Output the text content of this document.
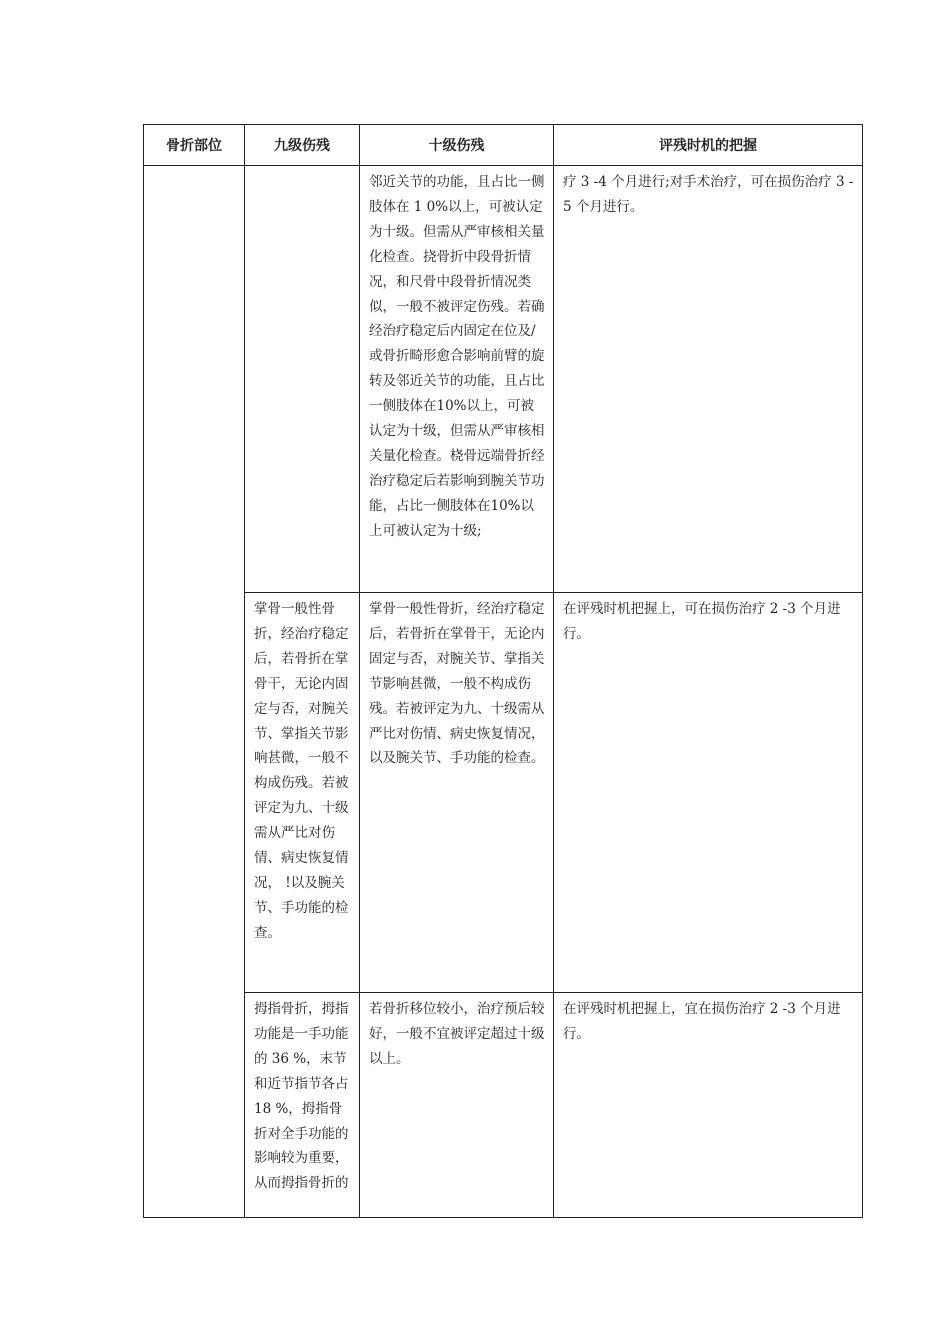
骨折部位	九级伤残	十级伤残	评残时机的把握
		邻近关节的功能，且占比一侧肢体在 1 0%以上，可被认定为十级。但需从严审核相关量化检查。挠骨折中段骨折情况，和尺骨中段骨折情况类似，一般不被评定伤残。若确经治疗稳定后内固定在位及/或骨折畸形愈合影响前臂的旋转及邻近关节的功能，且占比一侧肢体在10%以上，可被认定为十级，但需从严审核相关量化检查。桡骨远端骨折经治疗稳定后若影响到腕关节功能，占比一侧肢体在10%以上可被认定为十级;	疗 3 -4 个月进行;对手术治疗，可在损伤治疗 3 -5 个月进行。
	掌骨一般性骨折，经治疗稳定后，若骨折在掌骨干，无论内固定与否，对腕关节、掌指关节影响甚微，一般不构成伤残。若被评定为九、十级需从严比对伤情、病史恢复情况， !以及腕关节、手功能的检查。	掌骨一般性骨折，经治疗稳定后，若骨折在掌骨干，无论内固定与否，对腕关节、掌指关节影响甚微，一般不构成伤残。若被评定为九、十级需从严比对伤情、病史恢复情况，以及腕关节、手功能的检查。	在评残时机把握上，可在损伤治疗 2 -3 个月进行。
	拇指骨折，拇指功能是一手功能的 36 %，末节和近节指节各占 18 %，拇指骨折对全手功能的影响较为重要，从而拇指骨折的	若骨折移位较小，治疗预后较好，一般不宜被评定超过十级以上。	在评残时机把握上，宜在损伤治疗 2 -3 个月进行。
